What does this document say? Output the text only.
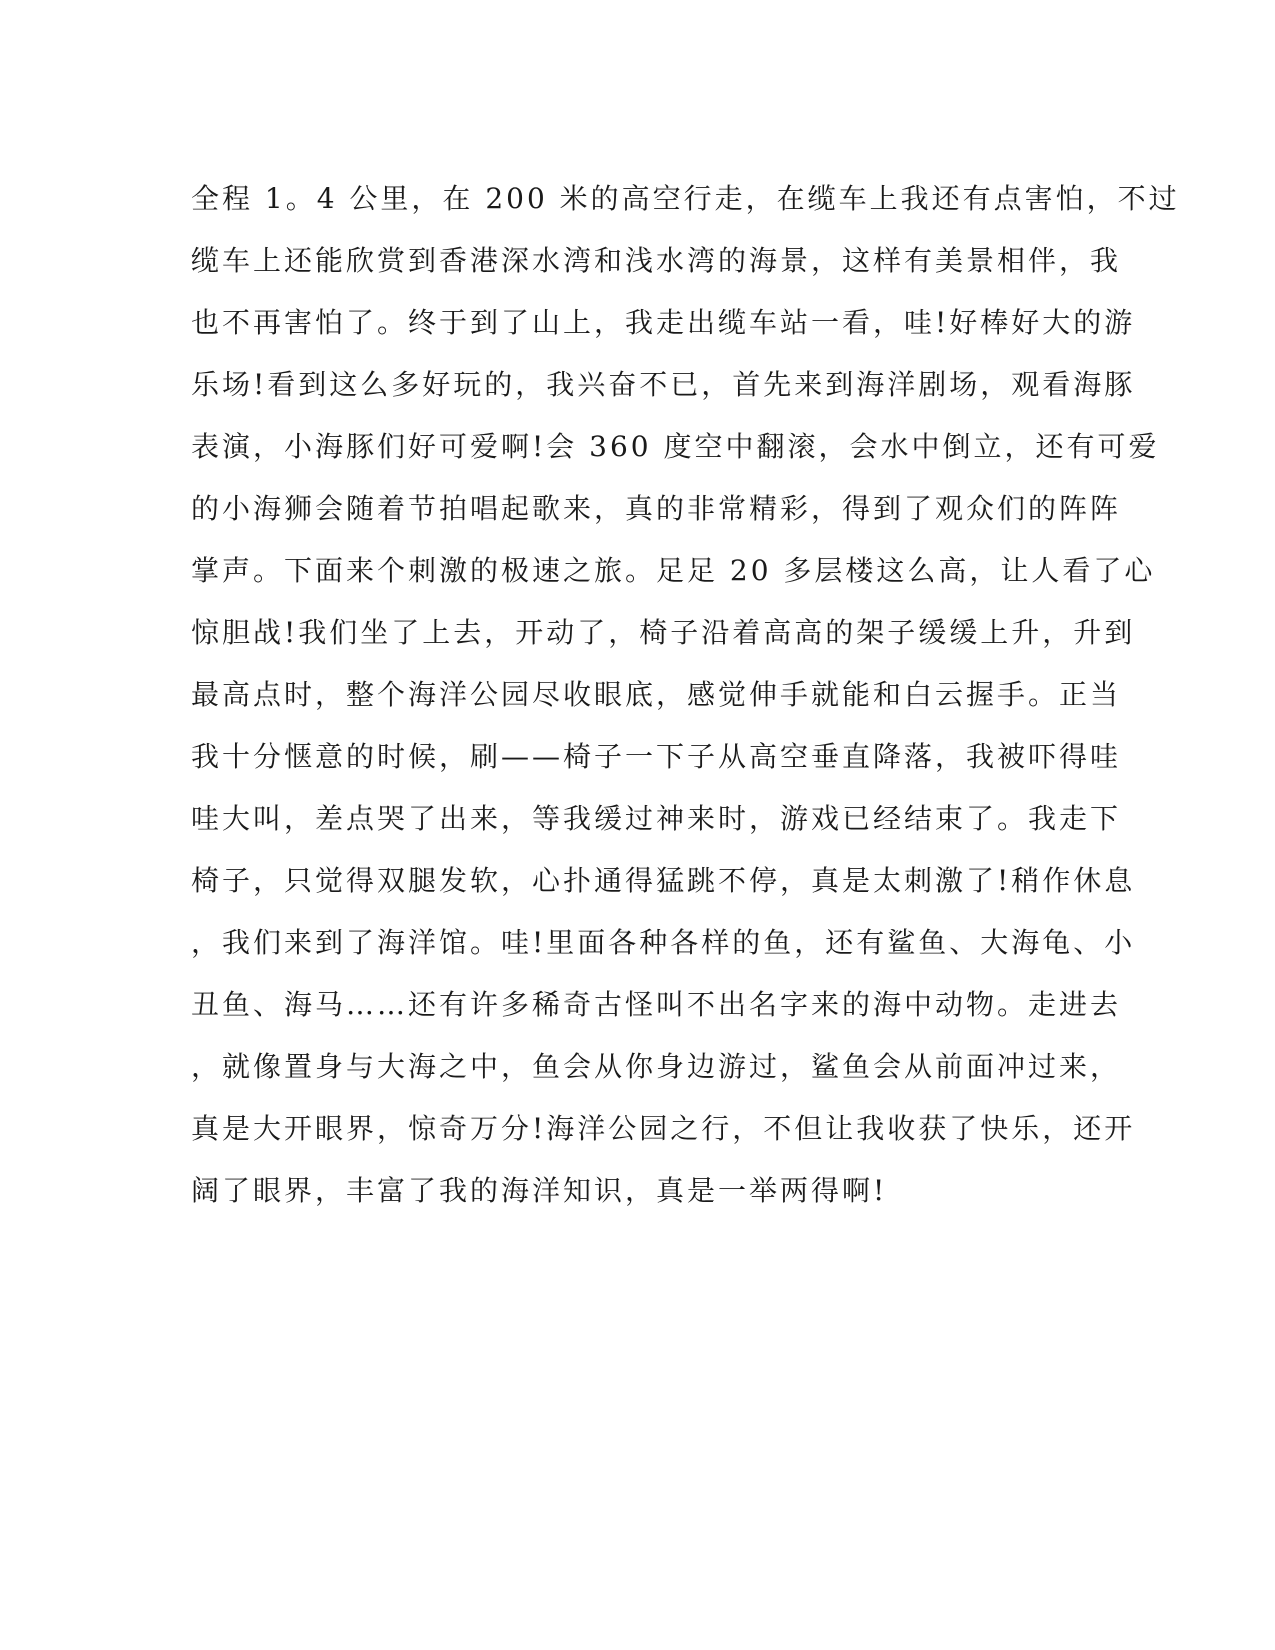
全程 1。4 公里，在 200 米的高空行走，在缆车上我还有点害怕，不过
缆车上还能欣赏到香港深水湾和浅水湾的海景，这样有美景相伴，我
也不再害怕了。终于到了山上，我走出缆车站一看，哇!好棒好大的游
乐场!看到这么多好玩的，我兴奋不已，首先来到海洋剧场，观看海豚
表演，小海豚们好可爱啊!会 360 度空中翻滚，会水中倒立，还有可爱
的小海狮会随着节拍唱起歌来，真的非常精彩，得到了观众们的阵阵
掌声。下面来个刺激的极速之旅。足足 20 多层楼这么高，让人看了心
惊胆战!我们坐了上去，开动了，椅子沿着高高的架子缓缓上升，升到
最高点时，整个海洋公园尽收眼底，感觉伸手就能和白云握手。正当
我十分惬意的时候，刷——椅子一下子从高空垂直降落，我被吓得哇
哇大叫，差点哭了出来，等我缓过神来时，游戏已经结束了。我走下
椅子，只觉得双腿发软，心扑通得猛跳不停，真是太刺激了!稍作休息
，我们来到了海洋馆。哇!里面各种各样的鱼，还有鲨鱼、大海龟、小
丑鱼、海马……还有许多稀奇古怪叫不出名字来的海中动物。走进去
，就像置身与大海之中，鱼会从你身边游过，鲨鱼会从前面冲过来，
真是大开眼界，惊奇万分!海洋公园之行，不但让我收获了快乐，还开
阔了眼界，丰富了我的海洋知识，真是一举两得啊!
